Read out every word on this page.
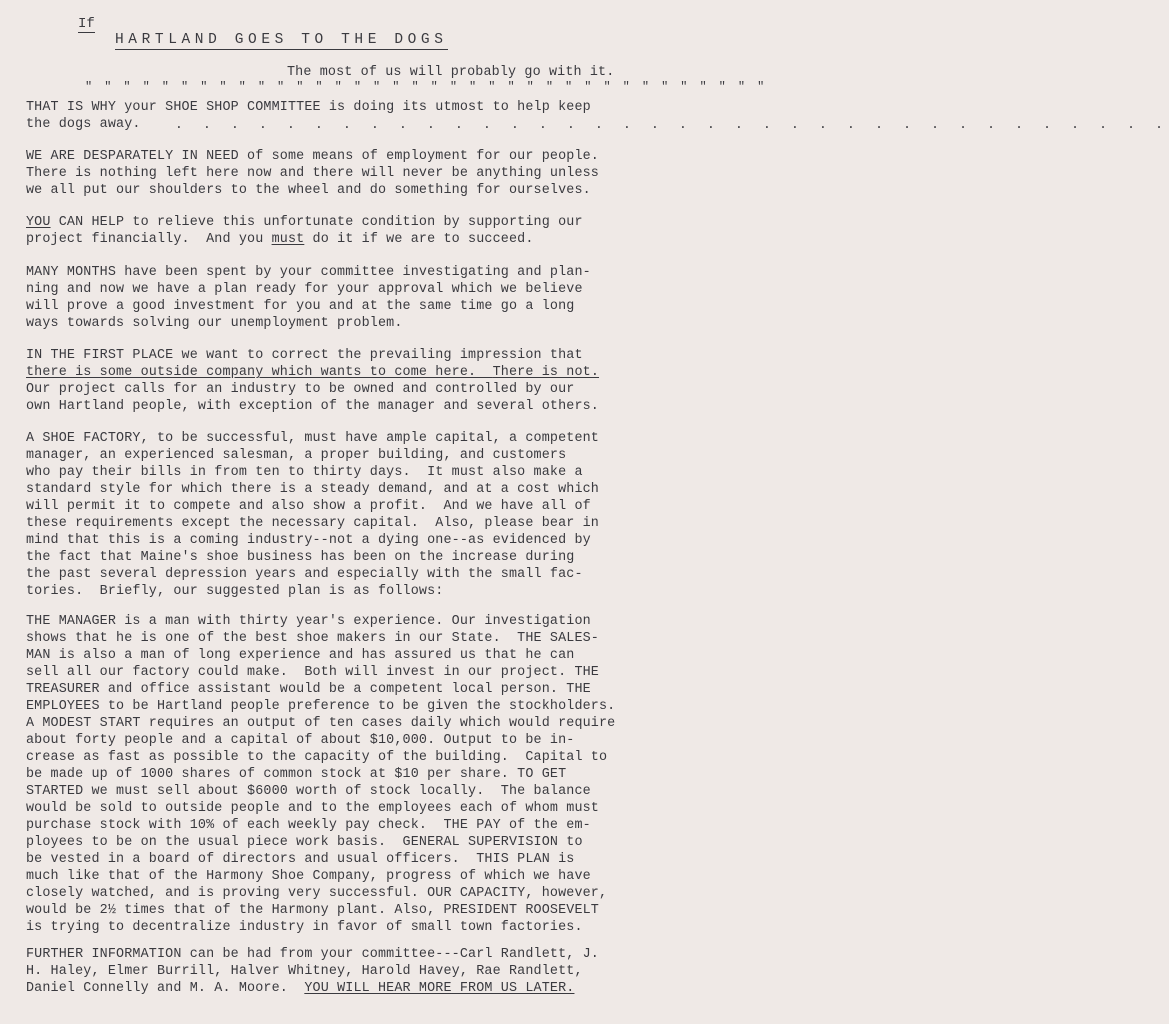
If
HARTLAND GOES TO THE DOGS
The most of us will probably go with it.
" " " " " " " " " " " " " " " " " " " " " " " " " " " " " " " " " " " "
THAT IS WHY your SHOE SHOP COMMITTEE is doing its utmost to help keep
the dogs away.	. . . . . . . . . . . . . . . . . . . . . . . . . . . . . . . . . . . .
WE ARE DESPARATELY IN NEED of some means of employment for our people.
There is nothing left here now and there will never be anything unless
we all put our shoulders to the wheel and do something for ourselves.
YOU CAN HELP to relieve this unfortunate condition by supporting our
project financially.  And you must do it if we are to succeed.
MANY MONTHS have been spent by your committee investigating and plan-
ning and now we have a plan ready for your approval which we believe
will prove a good investment for you and at the same time go a long
ways towards solving our unemployment problem.
IN THE FIRST PLACE we want to correct the prevailing impression that
there is some outside company which wants to come here.  There is not.
Our project calls for an industry to be owned and controlled by our
own Hartland people, with exception of the manager and several others.
A SHOE FACTORY, to be successful, must have ample capital, a competent
manager, an experienced salesman, a proper building, and customers
who pay their bills in from ten to thirty days.  It must also make a
standard style for which there is a steady demand, and at a cost which
will permit it to compete and also show a profit.  And we have all of
these requirements except the necessary capital.  Also, please bear in
mind that this is a coming industry--not a dying one--as evidenced by
the fact that Maine's shoe business has been on the increase during
the past several depression years and especially with the small fac-
tories.  Briefly, our suggested plan is as follows:
THE MANAGER is a man with thirty year's experience. Our investigation
shows that he is one of the best shoe makers in our State.  THE SALES-
MAN is also a man of long experience and has assured us that he can
sell all our factory could make.  Both will invest in our project. THE
TREASURER and office assistant would be a competent local person. THE
EMPLOYEES to be Hartland people preference to be given the stockholders.
A MODEST START requires an output of ten cases daily which would require
about forty people and a capital of about $10,000. Output to be in-
crease as fast as possible to the capacity of the building.  Capital to
be made up of 1000 shares of common stock at $10 per share. TO GET
STARTED we must sell about $6000 worth of stock locally.  The balance
would be sold to outside people and to the employees each of whom must
purchase stock with 10% of each weekly pay check.  THE PAY of the em-
ployees to be on the usual piece work basis.  GENERAL SUPERVISION to
be vested in a board of directors and usual officers.  THIS PLAN is
much like that of the Harmony Shoe Company, progress of which we have
closely watched, and is proving very successful. OUR CAPACITY, however,
would be 2½ times that of the Harmony plant. Also, PRESIDENT ROOSEVELT
is trying to decentralize industry in favor of small town factories.
FURTHER INFORMATION can be had from your committee---Carl Randlett, J.
H. Haley, Elmer Burrill, Halver Whitney, Harold Havey, Rae Randlett,
Daniel Connelly and M. A. Moore.  YOU WILL HEAR MORE FROM US LATER.
